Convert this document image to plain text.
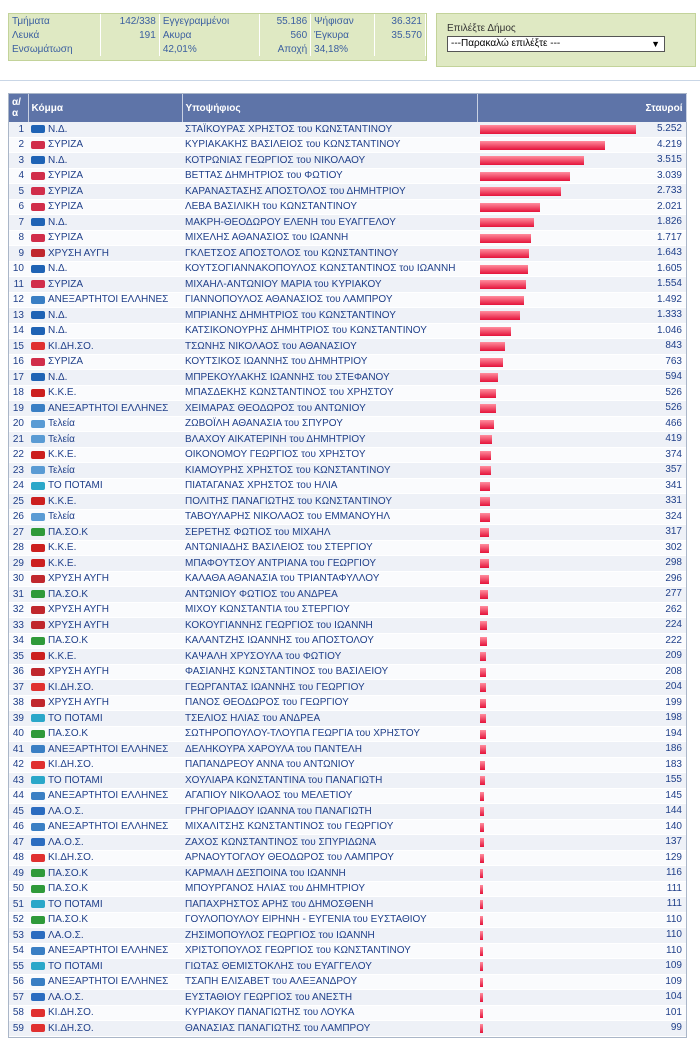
Τμήματα	142/338	Εγγεγραμμένοι	55.186	Ψήφισαν	36.321
Λευκά	191	Ακυρα	560	Έγκυρα	35.570
Ενσωμάτωση		42,01%	Αποχή	34,18%	
Επιλέξτε Δήμος
---Παρακαλώ επιλέξτε ---	▼
α/α	Κόμμα	Υποψήφιος	Σταυροί
1	Ν.Δ.	ΣΤΑΪΚΟΥΡΑΣ ΧΡΗΣΤΟΣ του ΚΩΝΣΤΑΝΤΙΝΟΥ	5.252

2	ΣΥΡΙΖΑ	ΚΥΡΙΑΚΑΚΗΣ ΒΑΣΙΛΕΙΟΣ του ΚΩΝΣΤΑΝΤΙΝΟΥ	4.219

3	Ν.Δ.	ΚΟΤΡΩΝΙΑΣ ΓΕΩΡΓΙΟΣ του ΝΙΚΟΛΑΟΥ	3.515

4	ΣΥΡΙΖΑ	ΒΕΤΤΑΣ ΔΗΜΗΤΡΙΟΣ του ΦΩΤΙΟΥ	3.039

5	ΣΥΡΙΖΑ	ΚΑΡΑΝΑΣΤΑΣΗΣ ΑΠΟΣΤΟΛΟΣ του ΔΗΜΗΤΡΙΟΥ	2.733

6	ΣΥΡΙΖΑ	ΛΕΒΑ ΒΑΣΙΛΙΚΗ του ΚΩΝΣΤΑΝΤΙΝΟΥ	2.021

7	Ν.Δ.	ΜΑΚΡΗ-ΘΕΟΔΩΡΟΥ ΕΛΕΝΗ του ΕΥΑΓΓΕΛΟΥ	1.826

8	ΣΥΡΙΖΑ	ΜΙΧΕΛΗΣ ΑΘΑΝΑΣΙΟΣ του ΙΩΑΝΝΗ	1.717

9	ΧΡΥΣΗ ΑΥΓΗ	ΓΚΛΕΤΣΟΣ ΑΠΟΣΤΟΛΟΣ του ΚΩΝΣΤΑΝΤΙΝΟΥ	1.643

10	Ν.Δ.	ΚΟΥΤΣΟΓΙΑΝΝΑΚΟΠΟΥΛΟΣ ΚΩΝΣΤΑΝΤΙΝΟΣ του ΙΩΑΝΝΗ	1.605

11	ΣΥΡΙΖΑ	ΜΙΧΑΗΛ-ΑΝΤΩΝΙΟΥ ΜΑΡΙΑ του ΚΥΡΙΑΚΟΥ	1.554

12	ΑΝΕΞΑΡΤΗΤΟΙ ΕΛΛΗΝΕΣ	ΓΙΑΝΝΟΠΟΥΛΟΣ ΑΘΑΝΑΣΙΟΣ του ΛΑΜΠΡΟΥ	1.492

13	Ν.Δ.	ΜΠΡΙΑΝΗΣ ΔΗΜΗΤΡΙΟΣ του ΚΩΝΣΤΑΝΤΙΝΟΥ	1.333

14	Ν.Δ.	ΚΑΤΣΙΚΟΝΟΥΡΗΣ ΔΗΜΗΤΡΙΟΣ του ΚΩΝΣΤΑΝΤΙΝΟΥ	1.046

15	ΚΙ.ΔΗ.ΣΟ.	ΤΣΩΝΗΣ ΝΙΚΟΛΑΟΣ του ΑΘΑΝΑΣΙΟΥ	843

16	ΣΥΡΙΖΑ	ΚΟΥΤΣΙΚΟΣ ΙΩΑΝΝΗΣ του ΔΗΜΗΤΡΙΟΥ	763

17	Ν.Δ.	ΜΠΡΕΚΟΥΛΑΚΗΣ ΙΩΑΝΝΗΣ του ΣΤΕΦΑΝΟΥ	594

18	Κ.Κ.Ε.	ΜΠΑΣΔΕΚΗΣ ΚΩΝΣΤΑΝΤΙΝΟΣ του ΧΡΗΣΤΟΥ	526

19	ΑΝΕΞΑΡΤΗΤΟΙ ΕΛΛΗΝΕΣ	ΧΕΙΜΑΡΑΣ ΘΕΟΔΩΡΟΣ του ΑΝΤΩΝΙΟΥ	526

20	Τελεία	ΖΩΒΟΪΛΗ ΑΘΑΝΑΣΙΑ του ΣΠΥΡΟΥ	466

21	Τελεία	ΒΛΑΧΟΥ ΑΙΚΑΤΕΡΙΝΗ του ΔΗΜΗΤΡΙΟΥ	419

22	Κ.Κ.Ε.	ΟΙΚΟΝΟΜΟΥ ΓΕΩΡΓΙΟΣ του ΧΡΗΣΤΟΥ	374

23	Τελεία	ΚΙΑΜΟΥΡΗΣ ΧΡΗΣΤΟΣ του ΚΩΝΣΤΑΝΤΙΝΟΥ	357

24	ΤΟ ΠΟΤΑΜΙ	ΠΙΑΤΑΓΑΝΑΣ ΧΡΗΣΤΟΣ του ΗΛΙΑ	341

25	Κ.Κ.Ε.	ΠΟΛΙΤΗΣ ΠΑΝΑΓΙΩΤΗΣ του ΚΩΝΣΤΑΝΤΙΝΟΥ	331

26	Τελεία	ΤΑΒΟΥΛΑΡΗΣ ΝΙΚΟΛΑΟΣ του ΕΜΜΑΝΟΥΗΛ	324

27	ΠΑ.ΣΟ.Κ	ΣΕΡΕΤΗΣ ΦΩΤΙΟΣ του ΜΙΧΑΗΛ	317

28	Κ.Κ.Ε.	ΑΝΤΩΝΙΑΔΗΣ ΒΑΣΙΛΕΙΟΣ του ΣΤΕΡΓΙΟΥ	302

29	Κ.Κ.Ε.	ΜΠΑΦΟΥΤΣΟΥ ΑΝΤΡΙΑΝΑ του ΓΕΩΡΓΙΟΥ	298

30	ΧΡΥΣΗ ΑΥΓΗ	ΚΑΛΑΘΑ ΑΘΑΝΑΣΙΑ του ΤΡΙΑΝΤΑΦΥΛΛΟΥ	296

31	ΠΑ.ΣΟ.Κ	ΑΝΤΩΝΙΟΥ ΦΩΤΙΟΣ του ΑΝΔΡΕΑ	277

32	ΧΡΥΣΗ ΑΥΓΗ	ΜΙΧΟΥ ΚΩΝΣΤΑΝΤΙΑ του ΣΤΕΡΓΙΟΥ	262

33	ΧΡΥΣΗ ΑΥΓΗ	ΚΟΚΟΥΓΙΑΝΝΗΣ ΓΕΩΡΓΙΟΣ του ΙΩΑΝΝΗ	224

34	ΠΑ.ΣΟ.Κ	ΚΑΛΑΝΤΖΗΣ ΙΩΑΝΝΗΣ του ΑΠΟΣΤΟΛΟΥ	222

35	Κ.Κ.Ε.	ΚΑΨΑΛΗ ΧΡΥΣΟΥΛΑ του ΦΩΤΙΟΥ	209

36	ΧΡΥΣΗ ΑΥΓΗ	ΦΑΣΙΑΝΗΣ ΚΩΝΣΤΑΝΤΙΝΟΣ του ΒΑΣΙΛΕΙΟΥ	208

37	ΚΙ.ΔΗ.ΣΟ.	ΓΕΩΡΓΑΝΤΑΣ ΙΩΑΝΝΗΣ του ΓΕΩΡΓΙΟΥ	204

38	ΧΡΥΣΗ ΑΥΓΗ	ΠΑΝΟΣ ΘΕΟΔΩΡΟΣ του ΓΕΩΡΓΙΟΥ	199

39	ΤΟ ΠΟΤΑΜΙ	ΤΣΕΛΙΟΣ ΗΛΙΑΣ του ΑΝΔΡΕΑ	198

40	ΠΑ.ΣΟ.Κ	ΣΩΤΗΡΟΠΟΥΛΟΥ-ΤΛΟΥΠΑ ΓΕΩΡΓΙΑ του ΧΡΗΣΤΟΥ	194

41	ΑΝΕΞΑΡΤΗΤΟΙ ΕΛΛΗΝΕΣ	ΔΕΛΗΚΟΥΡΑ ΧΑΡΟΥΛΑ του ΠΑΝΤΕΛΗ	186

42	ΚΙ.ΔΗ.ΣΟ.	ΠΑΠΑΝΔΡΕΟΥ ΑΝΝΑ του ΑΝΤΩΝΙΟΥ	183

43	ΤΟ ΠΟΤΑΜΙ	ΧΟΥΛΙΑΡΑ ΚΩΝΣΤΑΝΤΙΝΑ του ΠΑΝΑΓΙΩΤΗ	155

44	ΑΝΕΞΑΡΤΗΤΟΙ ΕΛΛΗΝΕΣ	ΑΓΑΠΙΟΥ ΝΙΚΟΛΑΟΣ του ΜΕΛΕΤΙΟΥ	145

45	ΛΑ.Ο.Σ.	ΓΡΗΓΟΡΙΑΔΟΥ ΙΩΑΝΝΑ του ΠΑΝΑΓΙΩΤΗ	144

46	ΑΝΕΞΑΡΤΗΤΟΙ ΕΛΛΗΝΕΣ	ΜΙΧΑΛΙΤΣΗΣ ΚΩΝΣΤΑΝΤΙΝΟΣ του ΓΕΩΡΓΙΟΥ	140

47	ΛΑ.Ο.Σ.	ΖΑΧΟΣ ΚΩΝΣΤΑΝΤΙΝΟΣ του ΣΠΥΡΙΔΩΝΑ	137

48	ΚΙ.ΔΗ.ΣΟ.	ΑΡΝΑΟΥΤΟΓΛΟΥ ΘΕΟΔΩΡΟΣ του ΛΑΜΠΡΟΥ	129

49	ΠΑ.ΣΟ.Κ	ΚΑΡΜΑΛΗ ΔΕΣΠΟΙΝΑ του ΙΩΑΝΝΗ	116

50	ΠΑ.ΣΟ.Κ	ΜΠΟΥΡΓΑΝΟΣ ΗΛΙΑΣ του ΔΗΜΗΤΡΙΟΥ	111

51	ΤΟ ΠΟΤΑΜΙ	ΠΑΠΑΧΡΗΣΤΟΣ ΑΡΗΣ του ΔΗΜΟΣΘΕΝΗ	111

52	ΠΑ.ΣΟ.Κ	ΓΟΥΛΟΠΟΥΛΟΥ ΕΙΡΗΝΗ - ΕΥΓΕΝΙΑ του ΕΥΣΤΑΘΙΟΥ	110

53	ΛΑ.Ο.Σ.	ΖΗΣΙΜΟΠΟΥΛΟΣ ΓΕΩΡΓΙΟΣ του ΙΩΑΝΝΗ	110

54	ΑΝΕΞΑΡΤΗΤΟΙ ΕΛΛΗΝΕΣ	ΧΡΙΣΤΟΠΟΥΛΟΣ ΓΕΩΡΓΙΟΣ του ΚΩΝΣΤΑΝΤΙΝΟΥ	110

55	ΤΟ ΠΟΤΑΜΙ	ΓΙΩΤΑΣ ΘΕΜΙΣΤΟΚΛΗΣ του ΕΥΑΓΓΕΛΟΥ	109

56	ΑΝΕΞΑΡΤΗΤΟΙ ΕΛΛΗΝΕΣ	ΤΣΑΠΗ ΕΛΙΣΑΒΕΤ του ΑΛΕΞΑΝΔΡΟΥ	109

57	ΛΑ.Ο.Σ.	ΕΥΣΤΑΘΙΟΥ ΓΕΩΡΓΙΟΣ του ΑΝΕΣΤΗ	104

58	ΚΙ.ΔΗ.ΣΟ.	ΚΥΡΙΑΚΟΥ ΠΑΝΑΓΙΩΤΗΣ του ΛΟΥΚΑ	101

59	ΚΙ.ΔΗ.ΣΟ.	ΘΑΝΑΣΙΑΣ ΠΑΝΑΓΙΩΤΗΣ του ΛΑΜΠΡΟΥ	99
